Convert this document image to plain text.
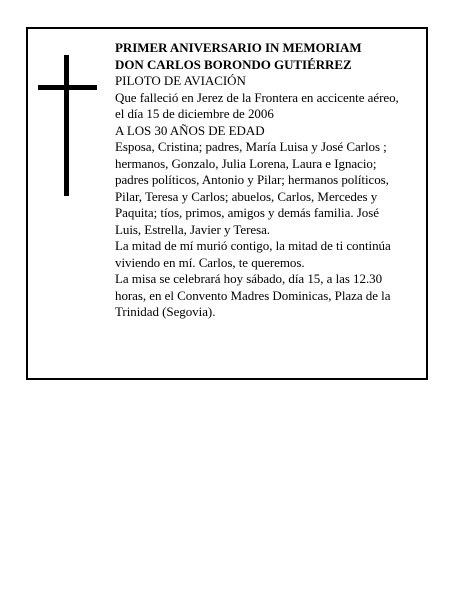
PRIMER ANIVERSARIO IN MEMORIAM
DON CARLOS BORONDO GUTIÉRREZ
PILOTO DE AVIACIÓN
Que falleció en Jerez de la Frontera en accicente aéreo,
el día 15 de diciembre de 2006
A LOS 30 AÑOS DE EDAD
Esposa, Cristina; padres, María Luisa y José Carlos ;
hermanos, Gonzalo, Julia Lorena, Laura e Ignacio;
padres políticos, Antonio y Pilar; hermanos políticos,
Pilar, Teresa y Carlos; abuelos, Carlos, Mercedes y
Paquita; tíos, primos, amigos y demás familia. José
Luis, Estrella, Javier y Teresa.
La mitad de mí murió contigo, la mitad de ti continúa
viviendo en mí. Carlos, te queremos.
La misa se celebrará hoy sábado, día 15, a las 12.30
horas, en el Convento Madres Dominicas, Plaza de la
Trinidad (Segovia).
